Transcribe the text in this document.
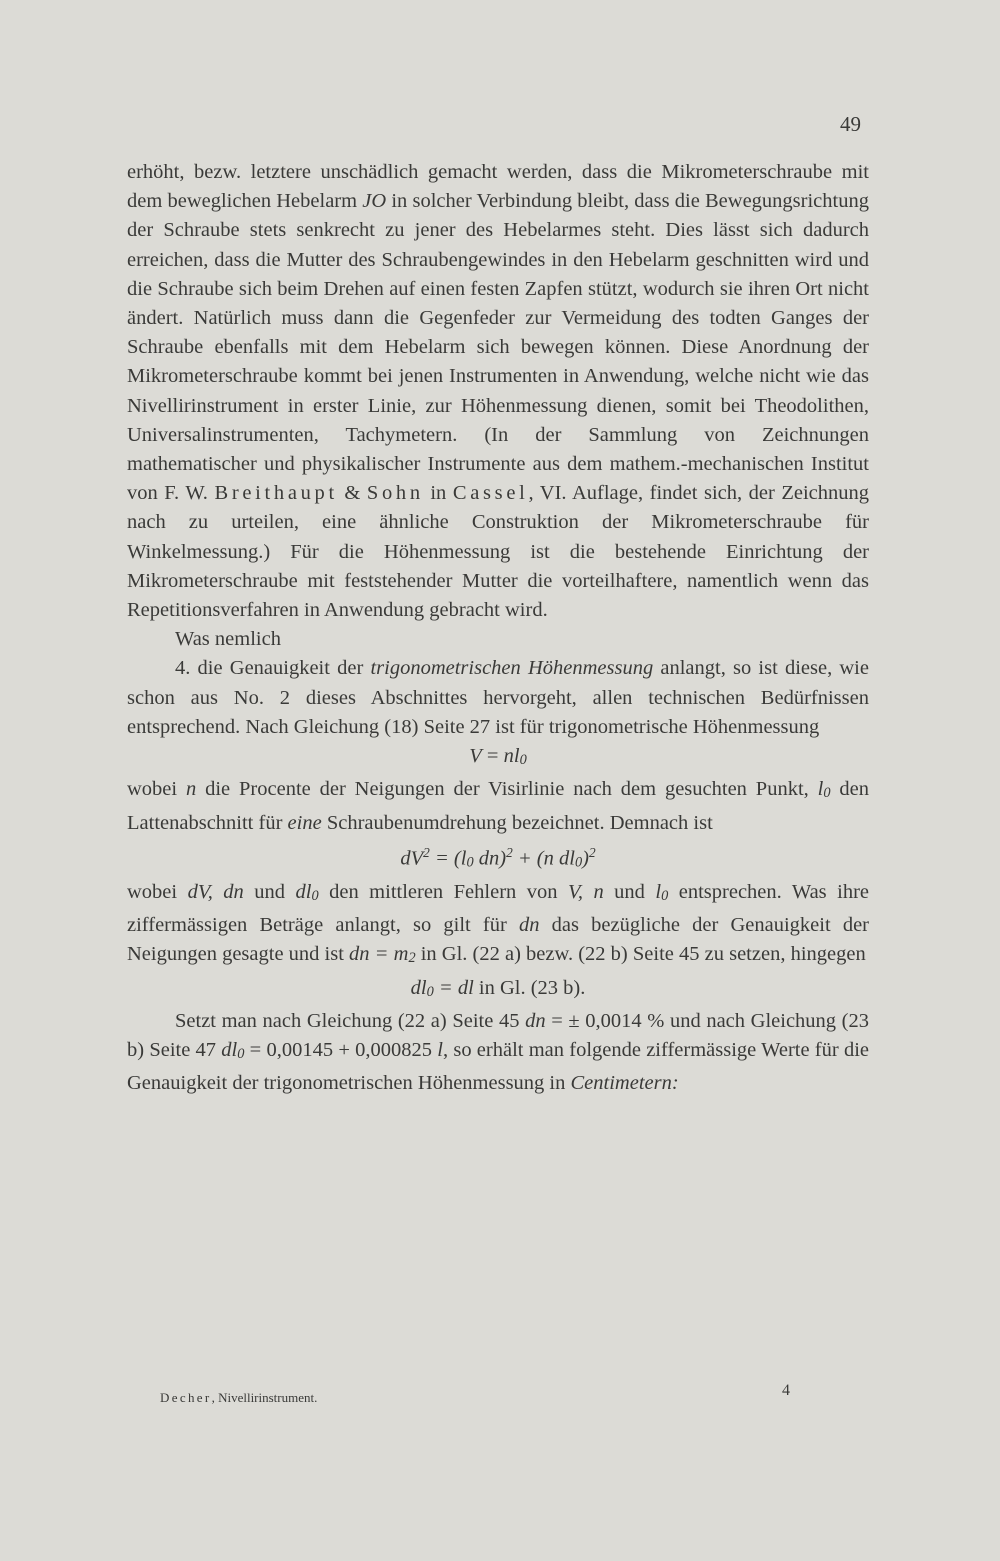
49

erhöht, bezw. letztere unschädlich gemacht werden, dass die Mikrometerschraube mit dem beweglichen Hebelarm JO in solcher Verbindung bleibt, dass die Bewegungsrichtung der Schraube stets senkrecht zu jener des Hebelarmes steht. Dies lässt sich dadurch erreichen, dass die Mutter des Schraubengewindes in den Hebelarm geschnitten wird und die Schraube sich beim Drehen auf einen festen Zapfen stützt, wodurch sie ihren Ort nicht ändert. Natürlich muss dann die Gegenfeder zur Vermeidung des todten Ganges der Schraube ebenfalls mit dem Hebelarm sich bewegen können. Diese Anordnung der Mikrometerschraube kommt bei jenen Instrumenten in Anwendung, welche nicht wie das Nivellirinstrument in erster Linie, zur Höhenmessung dienen, somit bei Theodolithen, Universalinstrumenten, Tachymetern. (In der Sammlung von Zeichnungen mathematischer und physikalischer Instrumente aus dem mathem.-mechanischen Institut von F. W. Breithaupt & Sohn in Cassel, VI. Auflage, findet sich, der Zeichnung nach zu urteilen, eine ähnliche Construktion der Mikrometerschraube für Winkelmessung.) Für die Höhenmessung ist die bestehende Einrichtung der Mikrometerschraube mit feststehender Mutter die vorteilhaftere, namentlich wenn das Repetitionsverfahren in Anwendung gebracht wird.

Was nemlich

4. die Genauigkeit der trigonometrischen Höhenmessung anlangt, so ist diese, wie schon aus No. 2 dieses Abschnittes hervorgeht, allen technischen Bedürfnissen entsprechend. Nach Gleichung (18) Seite 27 ist für trigonometrische Höhenmessung

V = nl0

wobei n die Procente der Neigungen der Visirlinie nach dem gesuchten Punkt, l0 den Lattenabschnitt für eine Schraubenumdrehung bezeichnet. Demnach ist

$dV^2 = (l0$ dn)$^2$ + (n dl0)$^2$

wobei dV, dn und dl0 den mittleren Fehlern von V, n und l0 entsprechen. Was ihre ziffermässigen Beträge anlangt, so gilt für dn das bezügliche der Genauigkeit der Neigungen gesagte und ist dn = m2 in Gl. (22 a) bezw. (22 b) Seite 45 zu setzen, hingegen

dl0 = dl in Gl. (23 b).

Setzt man nach Gleichung (22 a) Seite 45 dn = ± 0,0014 % und nach Gleichung (23 b) Seite 47 dl0 = 0,00145 + 0,000825 l, so erhält man folgende ziffermässige Werte für die Genauigkeit der trigonometrischen Höhenmessung in Centimetern:

Decher, Nivellirinstrument.	4
